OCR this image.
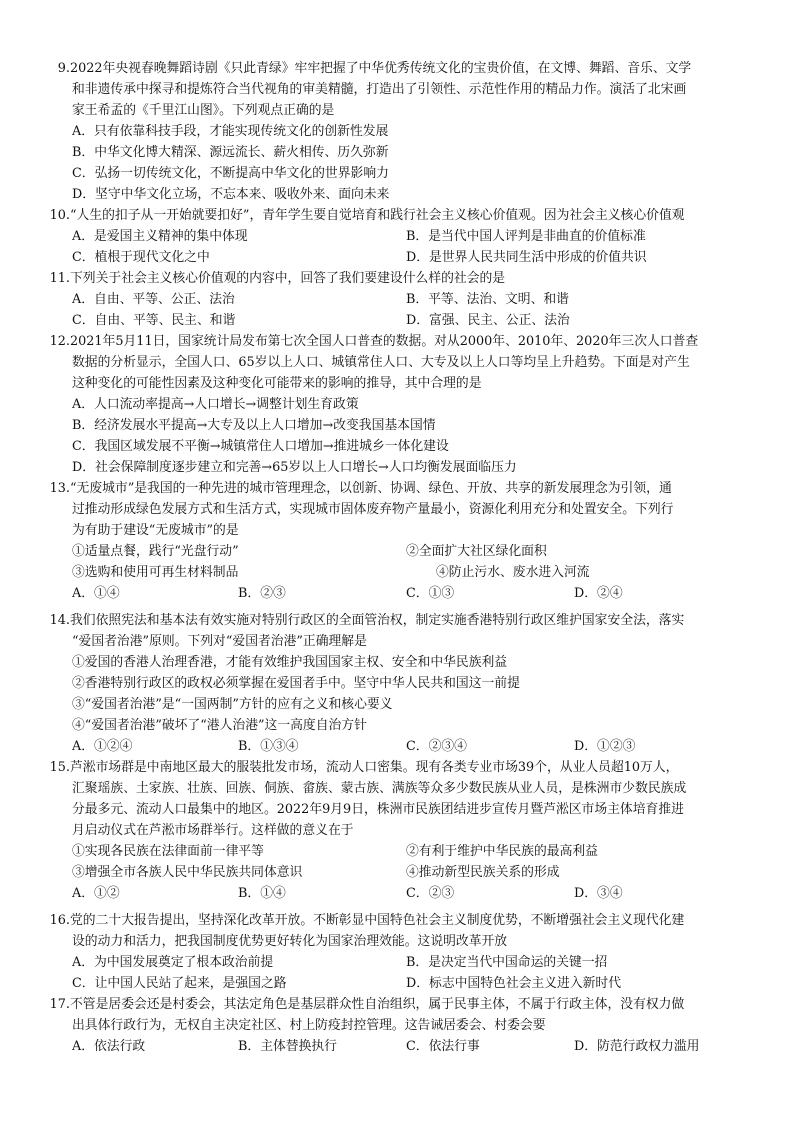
9.2022年央视春晚舞蹈诗剧《只此青绿》牢牢把握了中华优秀传统文化的宝贵价值，在文博、舞蹈、音乐、文学
和非遗传承中探寻和提炼符合当代视角的审美精髓，打造出了引领性、示范性作用的精品力作。演活了北宋画
家王希孟的《千里江山图》。下列观点正确的是
A．只有依靠科技手段，才能实现传统文化的创新性发展
B．中华文化博大精深、源远流长、薪火相传、历久弥新
C．弘扬一切传统文化，不断提高中华文化的世界影响力
D．坚守中华文化立场，不忘本来、吸收外来、面向未来
10.“人生的扣子从一开始就要扣好”，青年学生要自觉培育和践行社会主义核心价值观。因为社会主义核心价值观
A．是爱国主义精神的集中体现	B．是当代中国人评判是非曲直的价值标准
C．植根于现代文化之中	D．是世界人民共同生活中形成的价值共识
11.下列关于社会主义核心价值观的内容中，回答了我们要建设什么样的社会的是
A．自由、平等、公正、法治	B．平等、法治、文明、和谐
C．自由、平等、民主、和谐	D．富强、民主、公正、法治
12.2021年5月11日，国家统计局发布第七次全国人口普查的数据。对从2000年、2010年、2020年三次人口普查
数据的分析显示，全国人口、65岁以上人口、城镇常住人口、大专及以上人口等均呈上升趋势。下面是对产生
这种变化的可能性因素及这种变化可能带来的影响的推导，其中合理的是
A．人口流动率提高→人口增长→调整计划生育政策
B．经济发展水平提高→大专及以上人口增加→改变我国基本国情
C．我国区域发展不平衡→城镇常住人口增加→推进城乡一体化建设
D．社会保障制度逐步建立和完善→65岁以上人口增长→人口均衡发展面临压力
13.“无废城市”是我国的一种先进的城市管理理念，以创新、协调、绿色、开放、共享的新发展理念为引领，通
过推动形成绿色发展方式和生活方式，实现城市固体废弃物产量最小，资源化利用充分和处置安全。下列行
为有助于建设“无废城市”的是
①适量点餐，践行“光盘行动”	②全面扩大社区绿化面积
③选购和使用可再生材料制品	④防止污水、废水进入河流
A．①④	B．②③	C．①③	D．②④
14.我们依照宪法和基本法有效实施对特别行政区的全面管治权，制定实施香港特别行政区维护国家安全法，落实
“爱国者治港”原则。下列对“爱国者治港”正确理解是
①爱国的香港人治理香港，才能有效维护我国国家主权、安全和中华民族利益
②香港特别行政区的政权必须掌握在爱国者手中。坚守中华人民共和国这一前提
③“爱国者治港”是“一国两制”方针的应有之义和核心要义
④“爱国者治港”破坏了“港人治港”这一高度自治方针
A．①②④	B．①③④	C．②③④	D．①②③
15.芦淞市场群是中南地区最大的服装批发市场，流动人口密集。现有各类专业市场39个，从业人员超10万人，
汇聚瑶族、土家族、壮族、回族、侗族、畲族、蒙古族、满族等众多少数民族从业人员，是株洲市少数民族成
分最多元、流动人口最集中的地区。2022年9月9日，株洲市民族团结进步宣传月暨芦淞区市场主体培育推进
月启动仪式在芦淞市场群举行。这样做的意义在于
①实现各民族在法律面前一律平等	②有利于维护中华民族的最高利益
③增强全市各族人民中华民族共同体意识	④推动新型民族关系的形成
A．①②	B．①④	C．②③	D．③④
16.党的二十大报告提出，坚持深化改革开放。不断彰显中国特色社会主义制度优势，不断增强社会主义现代化建
设的动力和活力，把我国制度优势更好转化为国家治理效能。这说明改革开放
A．为中国发展奠定了根本政治前提	B．是决定当代中国命运的关键一招
C．让中国人民站了起来，是强国之路	D．标志中国特色社会主义进入新时代
17.不管是居委会还是村委会，其法定角色是基层群众性自治组织，属于民事主体，不属于行政主体，没有权力做
出具体行政行为，无权自主决定社区、村上防疫封控管理。这告诫居委会、村委会要
A．依法行政	B．主体替换执行	C．依法行事	D．防范行政权力滥用
